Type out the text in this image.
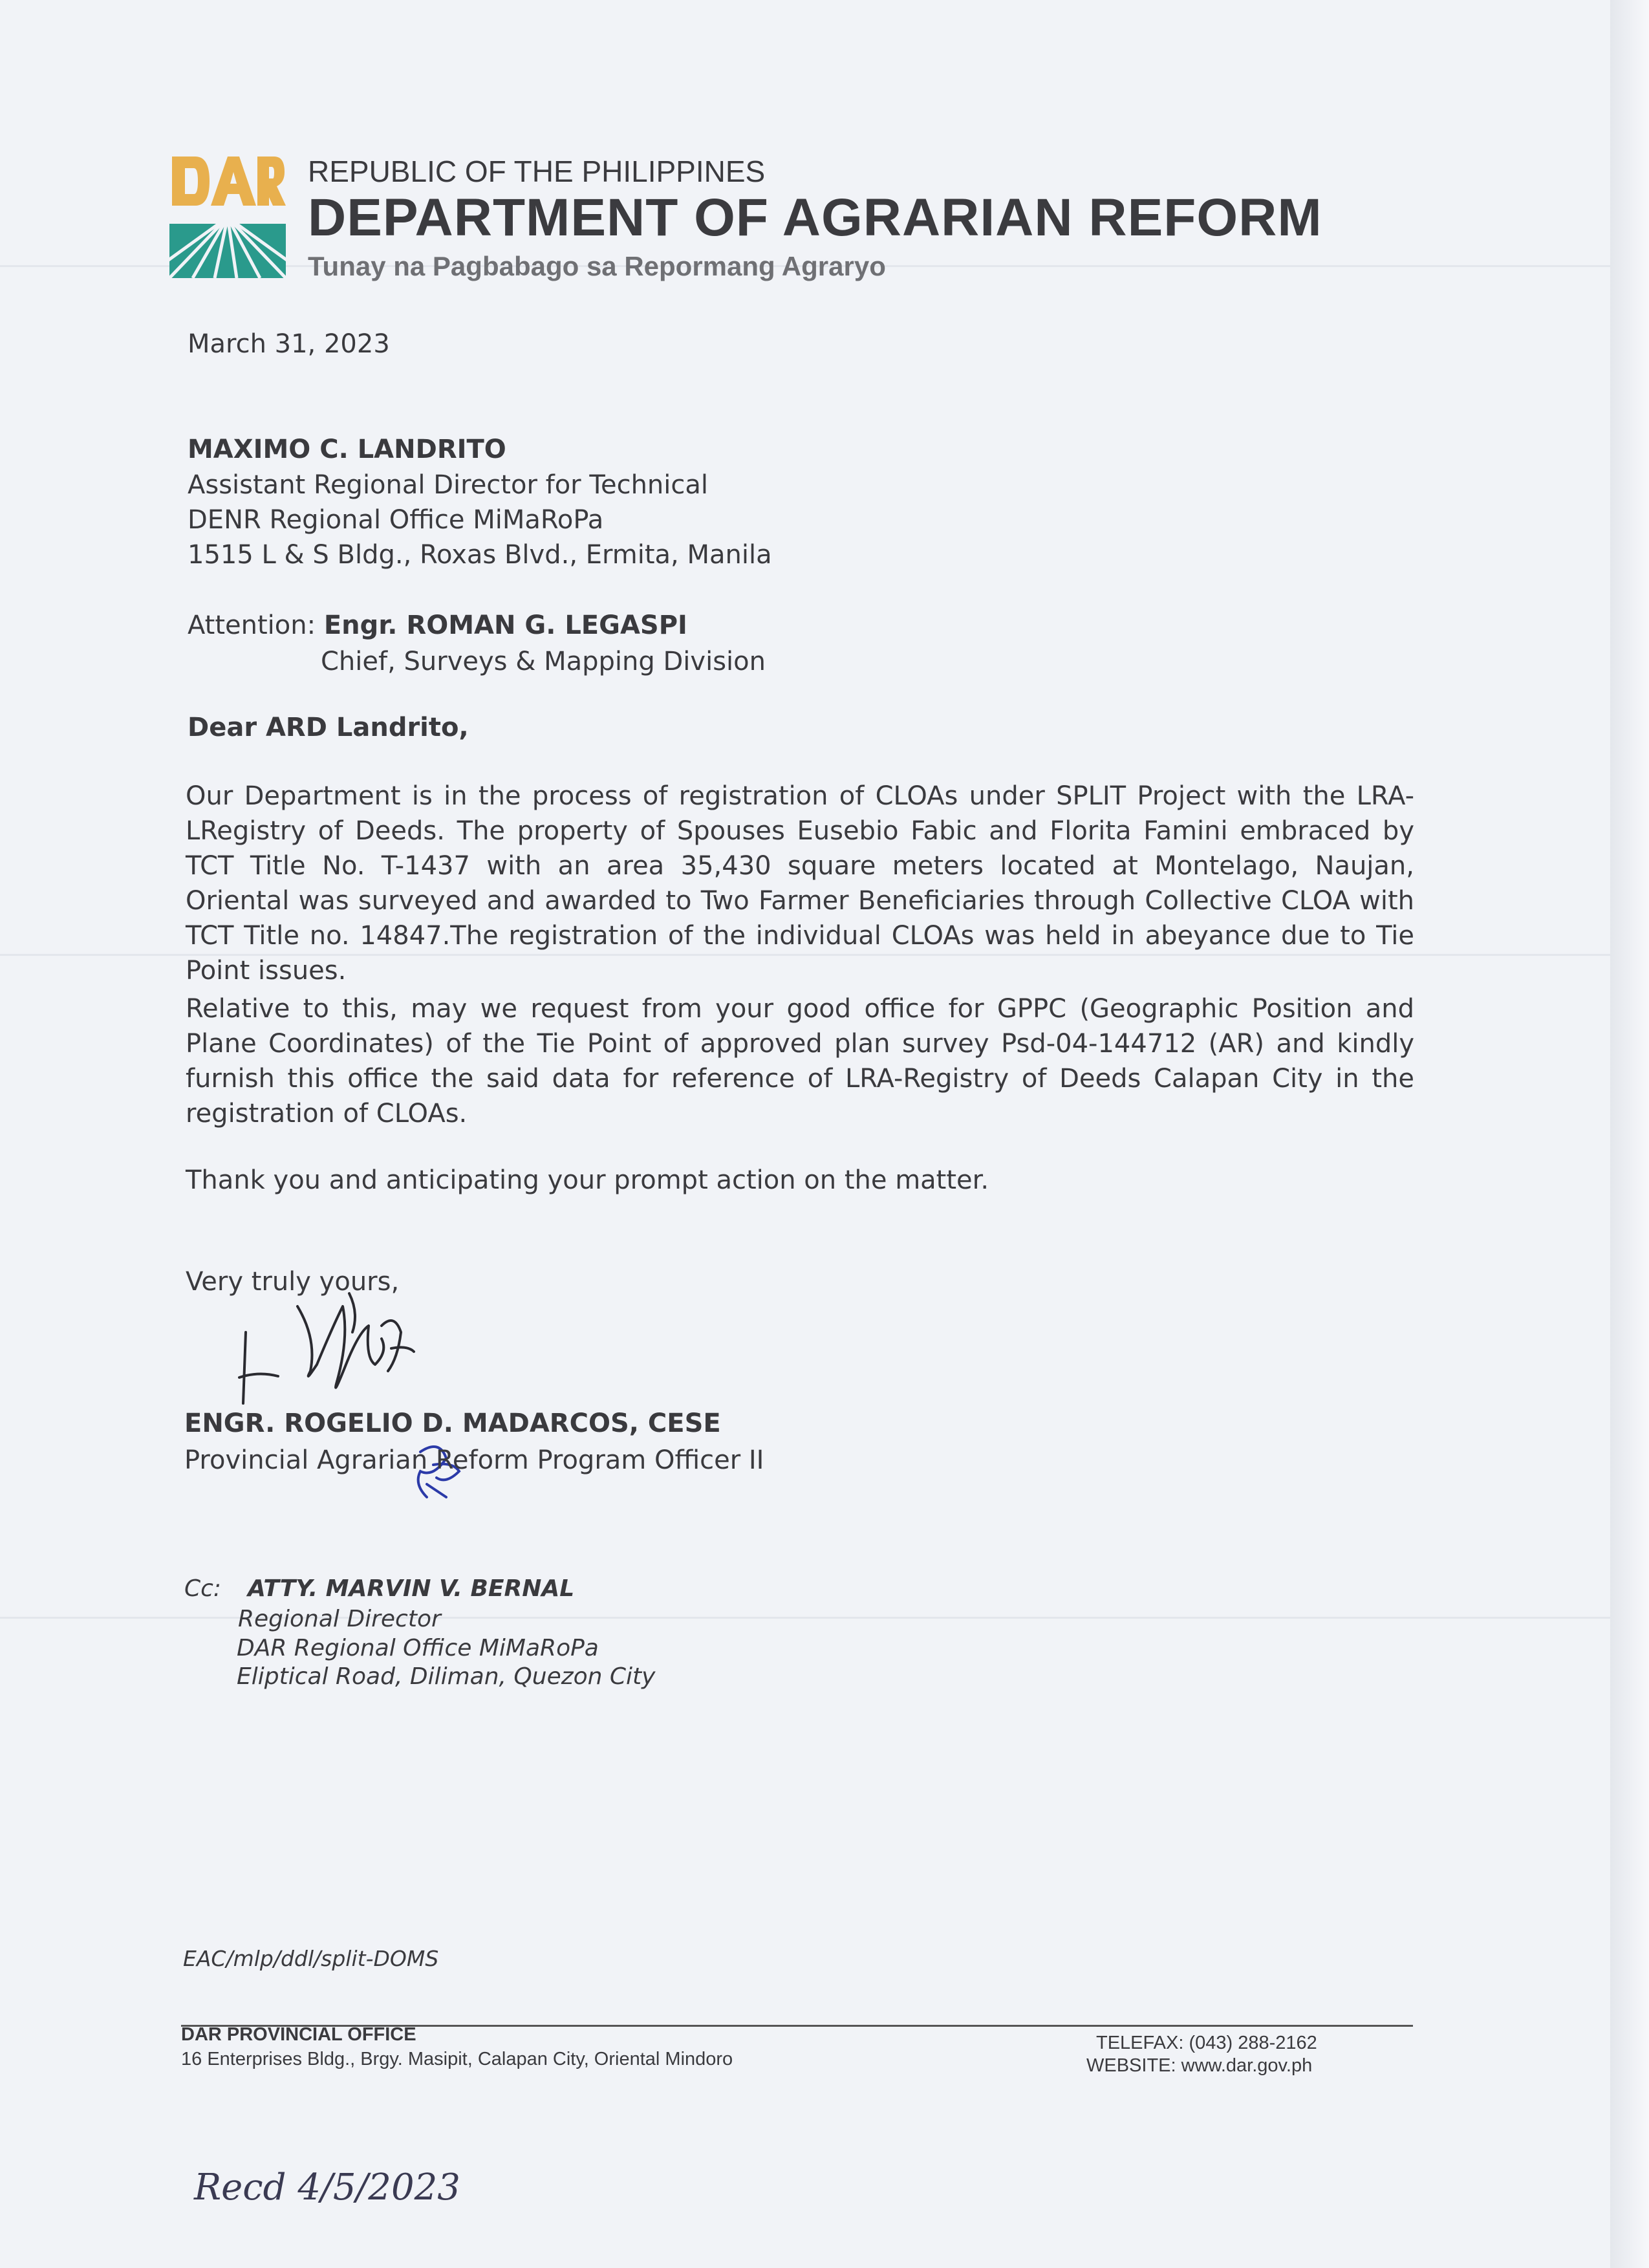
REPUBLIC OF THE PHILIPPINES
DEPARTMENT OF AGRARIAN REFORM
Tunay na Pagbabago sa Repormang Agraryo
March 31, 2023
MAXIMO C. LANDRITO
Assistant Regional Director for Technical
DENR Regional Office MiMaRoPa
1515 L & S Bldg., Roxas Blvd., Ermita, Manila
Attention: Engr. ROMAN G. LEGASPI
Chief, Surveys & Mapping Division
Dear ARD Landrito,
Our Department is in the process of registration of CLOAs under SPLIT Project with the LRA-LRegistry of Deeds. The property of Spouses Eusebio Fabic and Florita Famini embraced by TCT Title No. T-1437 with an area 35,430 square meters located at Montelago, Naujan, Oriental was surveyed and awarded to Two Farmer Beneficiaries through Collective CLOA with TCT Title no. 14847.The registration of the individual CLOAs was held in abeyance due to Tie Point issues.
Relative to this, may we request from your good office for GPPC (Geographic Position and Plane Coordinates) of the Tie Point of approved plan survey Psd-04-144712 (AR) and kindly furnish this office the said data for reference of LRA-Registry of Deeds Calapan City in the registration of CLOAs.
Thank you and anticipating your prompt action on the matter.
Very truly yours,
ENGR. ROGELIO D. MADARCOS, CESE
Provincial Agrarian Reform Program Officer II
Cc: ATTY. MARVIN V. BERNAL
Regional Director
DAR Regional Office MiMaRoPa
Eliptical Road, Diliman, Quezon City
EAC/mlp/ddl/split-DOMS
DAR PROVINCIAL OFFICE
16 Enterprises Bldg., Brgy. Masipit, Calapan City, Oriental Mindoro
TELEFAX: (043) 288-2162
WEBSITE: www.dar.gov.ph
Recd 4/5/2023
